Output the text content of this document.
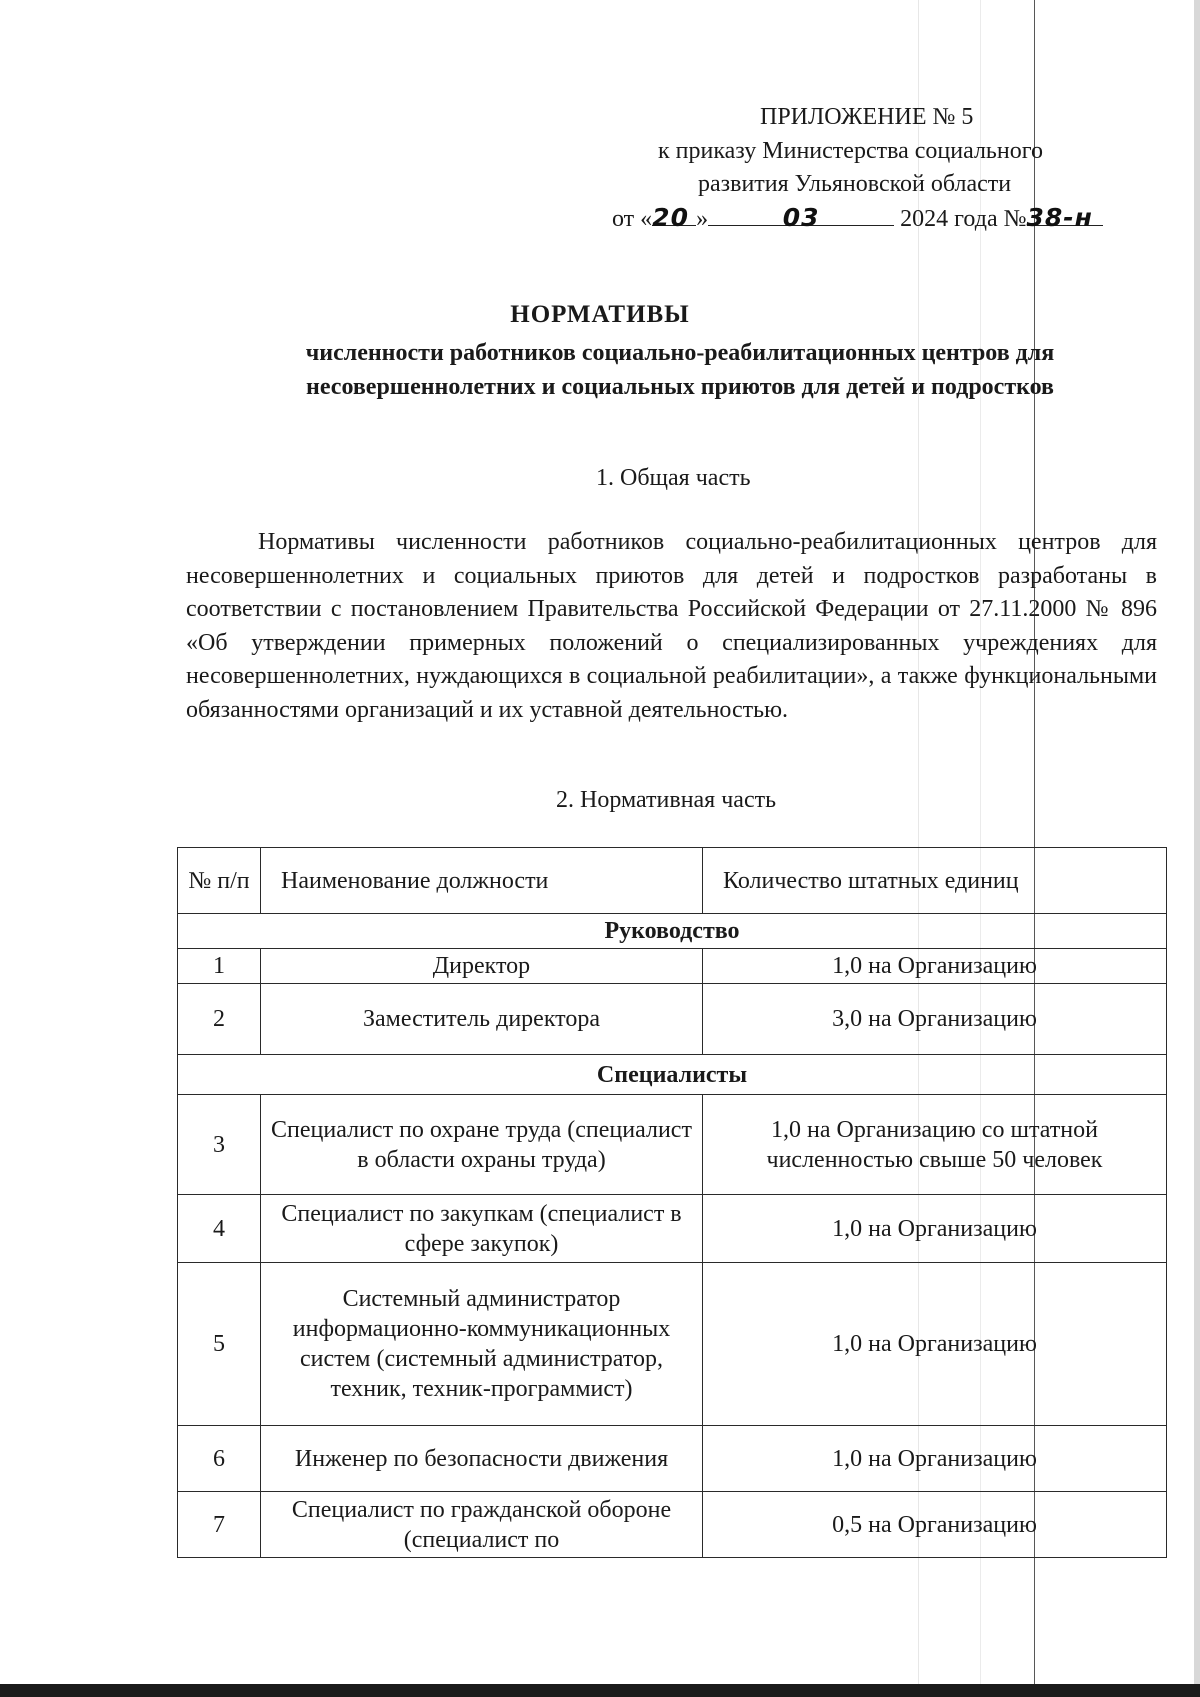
ПРИЛОЖЕНИЕ № 5
к приказу Министерства социального
развития Ульяновской области
от «20 »	03	2024 года №38-н
НОРМАТИВЫ
численности работников социально-реабилитационных центров для несовершеннолетних и социальных приютов для детей и подростков
1. Общая часть
Нормативы численности работников социально-реабилитационных центров для несовершеннолетних и социальных приютов для детей и подростков разработаны в соответствии с постановлением Правительства Российской Федерации от 27.11.2000 № 896 «Об утверждении примерных положений о специализированных учреждениях для несовершеннолетних, нуждающихся в социальной реабилитации», а также функциональными обязанностями организаций и их уставной деятельностью.
2. Нормативная часть
№ п/п	Наименование должности	Количество штатных единиц
Руководство		
1	Директор	1,0 на Организацию
2	Заместитель директора	3,0 на Организацию
Специалисты		
3	Специалист по охране труда (специалист в области охраны труда)	1,0 на Организацию со штатной численностью свыше 50 человек
4	Специалист по закупкам (специалист в сфере закупок)	1,0 на Организацию
5	Системный администратор информационно-коммуникационных систем (системный администратор, техник, техник-программист)	1,0 на Организацию
6	Инженер по безопасности движения	1,0 на Организацию
7	Специалист по гражданской обороне (специалист по	0,5 на Организацию
